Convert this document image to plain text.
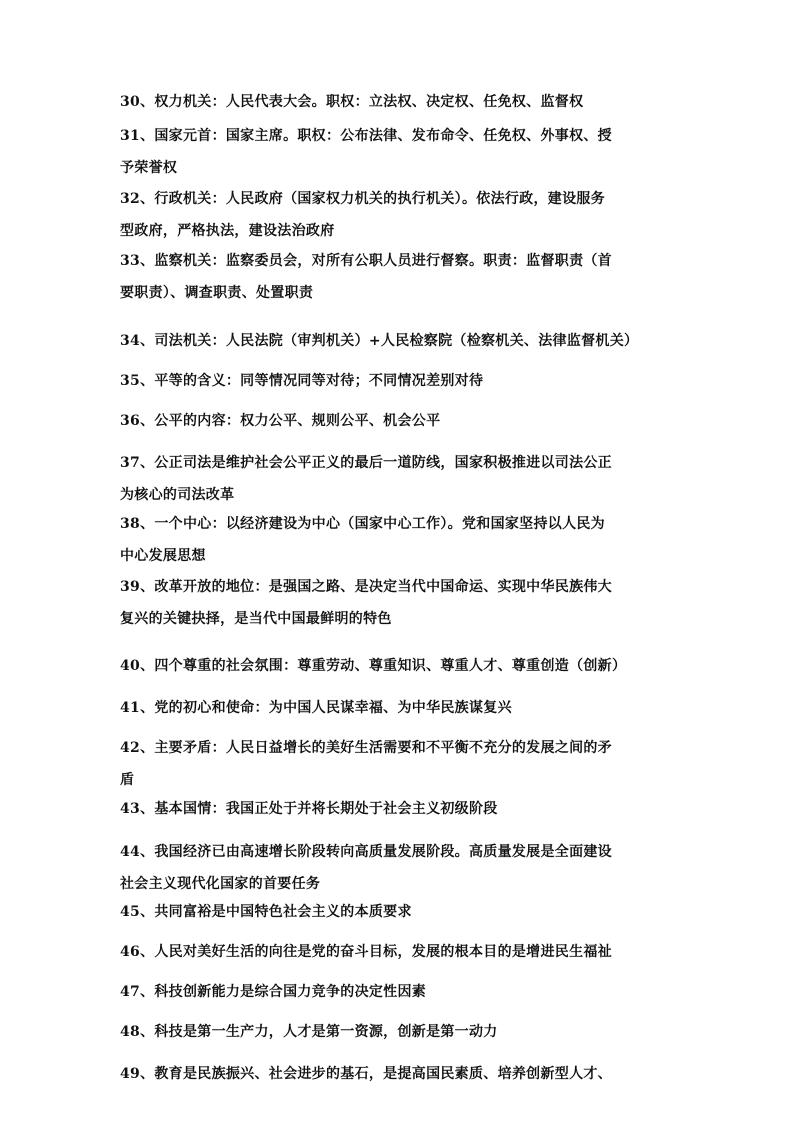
30、权力机关：人民代表大会。职权：立法权、决定权、任免权、监督权

31、国家元首：国家主席。职权：公布法律、发布命令、任免权、外事权、授
予荣誉权

32、行政机关：人民政府（国家权力机关的执行机关）。依法行政，建设服务
型政府，严格执法，建设法治政府

33、监察机关：监察委员会，对所有公职人员进行督察。职责：监督职责（首
要职责）、调查职责、处置职责

34、司法机关：人民法院（审判机关）+人民检察院（检察机关、法律监督机关）

35、平等的含义：同等情况同等对待；不同情况差别对待

36、公平的内容：权力公平、规则公平、机会公平

37、公正司法是维护社会公平正义的最后一道防线，国家积极推进以司法公正
为核心的司法改革

38、一个中心：以经济建设为中心（国家中心工作）。党和国家坚持以人民为
中心发展思想

39、改革开放的地位：是强国之路、是决定当代中国命运、实现中华民族伟大
复兴的关键抉择，是当代中国最鲜明的特色

40、四个尊重的社会氛围：尊重劳动、尊重知识、尊重人才、尊重创造（创新）

41、党的初心和使命：为中国人民谋幸福、为中华民族谋复兴

42、主要矛盾：人民日益增长的美好生活需要和不平衡不充分的发展之间的矛
盾

43、基本国情：我国正处于并将长期处于社会主义初级阶段

44、我国经济已由高速增长阶段转向高质量发展阶段。高质量发展是全面建设
社会主义现代化国家的首要任务

45、共同富裕是中国特色社会主义的本质要求

46、人民对美好生活的向往是党的奋斗目标，发展的根本目的是增进民生福祉

47、科技创新能力是综合国力竞争的决定性因素

48、科技是第一生产力，人才是第一资源，创新是第一动力

49、教育是民族振兴、社会进步的基石，是提高国民素质、培养创新型人才、
